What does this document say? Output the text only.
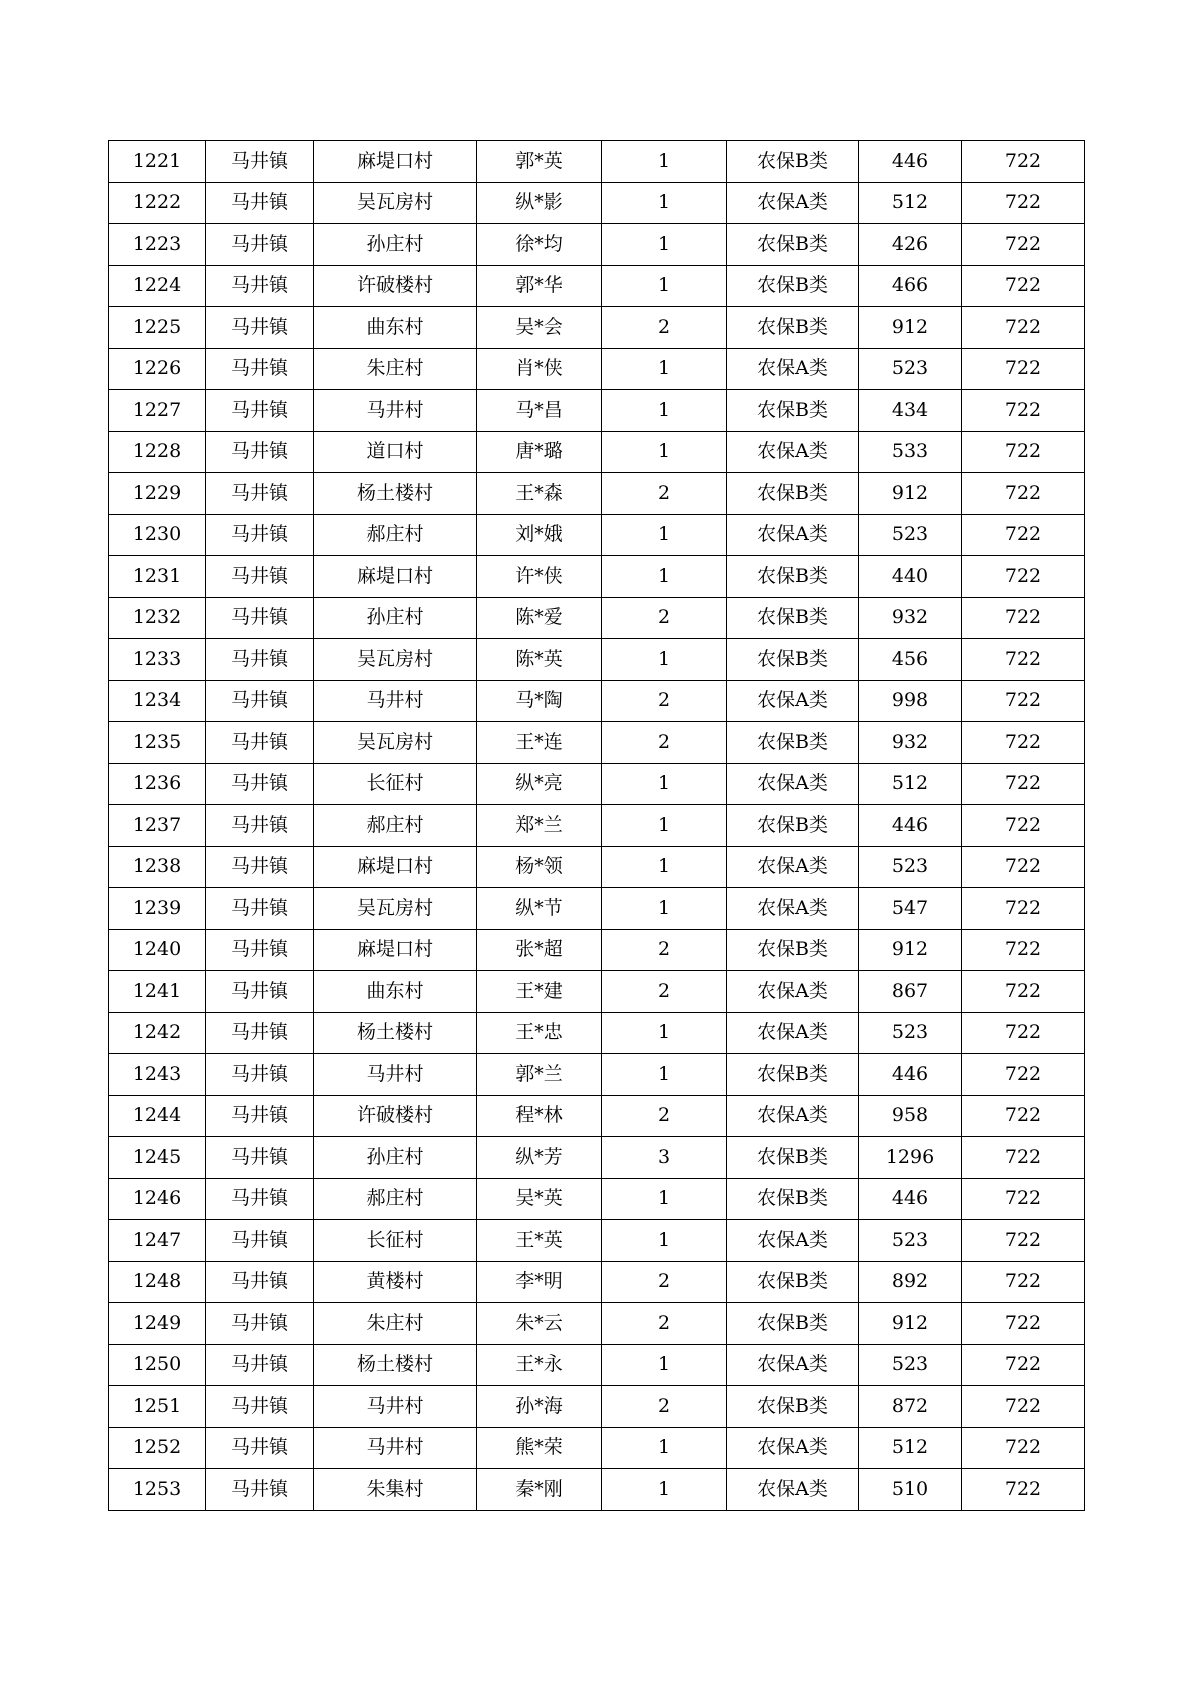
1221	马井镇	麻堤口村	郭*英	1	农保B类	446	722
1222	马井镇	吴瓦房村	纵*影	1	农保A类	512	722
1223	马井镇	孙庄村	徐*均	1	农保B类	426	722
1224	马井镇	许破楼村	郭*华	1	农保B类	466	722
1225	马井镇	曲东村	吴*会	2	农保B类	912	722
1226	马井镇	朱庄村	肖*侠	1	农保A类	523	722
1227	马井镇	马井村	马*昌	1	农保B类	434	722
1228	马井镇	道口村	唐*璐	1	农保A类	533	722
1229	马井镇	杨土楼村	王*森	2	农保B类	912	722
1230	马井镇	郝庄村	刘*娥	1	农保A类	523	722
1231	马井镇	麻堤口村	许*侠	1	农保B类	440	722
1232	马井镇	孙庄村	陈*爱	2	农保B类	932	722
1233	马井镇	吴瓦房村	陈*英	1	农保B类	456	722
1234	马井镇	马井村	马*陶	2	农保A类	998	722
1235	马井镇	吴瓦房村	王*连	2	农保B类	932	722
1236	马井镇	长征村	纵*亮	1	农保A类	512	722
1237	马井镇	郝庄村	郑*兰	1	农保B类	446	722
1238	马井镇	麻堤口村	杨*领	1	农保A类	523	722
1239	马井镇	吴瓦房村	纵*节	1	农保A类	547	722
1240	马井镇	麻堤口村	张*超	2	农保B类	912	722
1241	马井镇	曲东村	王*建	2	农保A类	867	722
1242	马井镇	杨土楼村	王*忠	1	农保A类	523	722
1243	马井镇	马井村	郭*兰	1	农保B类	446	722
1244	马井镇	许破楼村	程*林	2	农保A类	958	722
1245	马井镇	孙庄村	纵*芳	3	农保B类	1296	722
1246	马井镇	郝庄村	吴*英	1	农保B类	446	722
1247	马井镇	长征村	王*英	1	农保A类	523	722
1248	马井镇	黄楼村	李*明	2	农保B类	892	722
1249	马井镇	朱庄村	朱*云	2	农保B类	912	722
1250	马井镇	杨土楼村	王*永	1	农保A类	523	722
1251	马井镇	马井村	孙*海	2	农保B类	872	722
1252	马井镇	马井村	熊*荣	1	农保A类	512	722
1253	马井镇	朱集村	秦*刚	1	农保A类	510	722
